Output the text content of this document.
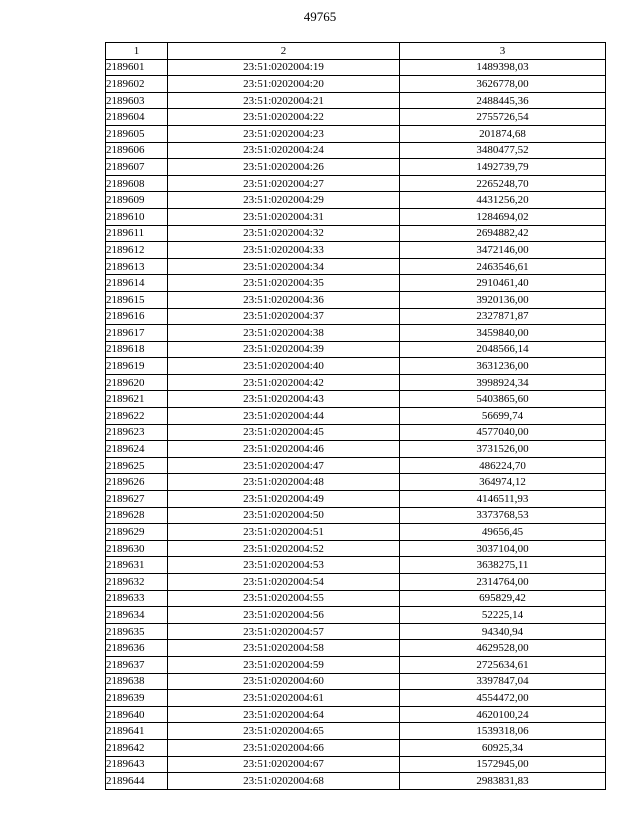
49765
1	2	3
2189601	23:51:0202004:19	1489398,03
2189602	23:51:0202004:20	3626778,00
2189603	23:51:0202004:21	2488445,36
2189604	23:51:0202004:22	2755726,54
2189605	23:51:0202004:23	201874,68
2189606	23:51:0202004:24	3480477,52
2189607	23:51:0202004:26	1492739,79
2189608	23:51:0202004:27	2265248,70
2189609	23:51:0202004:29	4431256,20
2189610	23:51:0202004:31	1284694,02
2189611	23:51:0202004:32	2694882,42
2189612	23:51:0202004:33	3472146,00
2189613	23:51:0202004:34	2463546,61
2189614	23:51:0202004:35	2910461,40
2189615	23:51:0202004:36	3920136,00
2189616	23:51:0202004:37	2327871,87
2189617	23:51:0202004:38	3459840,00
2189618	23:51:0202004:39	2048566,14
2189619	23:51:0202004:40	3631236,00
2189620	23:51:0202004:42	3998924,34
2189621	23:51:0202004:43	5403865,60
2189622	23:51:0202004:44	56699,74
2189623	23:51:0202004:45	4577040,00
2189624	23:51:0202004:46	3731526,00
2189625	23:51:0202004:47	486224,70
2189626	23:51:0202004:48	364974,12
2189627	23:51:0202004:49	4146511,93
2189628	23:51:0202004:50	3373768,53
2189629	23:51:0202004:51	49656,45
2189630	23:51:0202004:52	3037104,00
2189631	23:51:0202004:53	3638275,11
2189632	23:51:0202004:54	2314764,00
2189633	23:51:0202004:55	695829,42
2189634	23:51:0202004:56	52225,14
2189635	23:51:0202004:57	94340,94
2189636	23:51:0202004:58	4629528,00
2189637	23:51:0202004:59	2725634,61
2189638	23:51:0202004:60	3397847,04
2189639	23:51:0202004:61	4554472,00
2189640	23:51:0202004:64	4620100,24
2189641	23:51:0202004:65	1539318,06
2189642	23:51:0202004:66	60925,34
2189643	23:51:0202004:67	1572945,00
2189644	23:51:0202004:68	2983831,83
